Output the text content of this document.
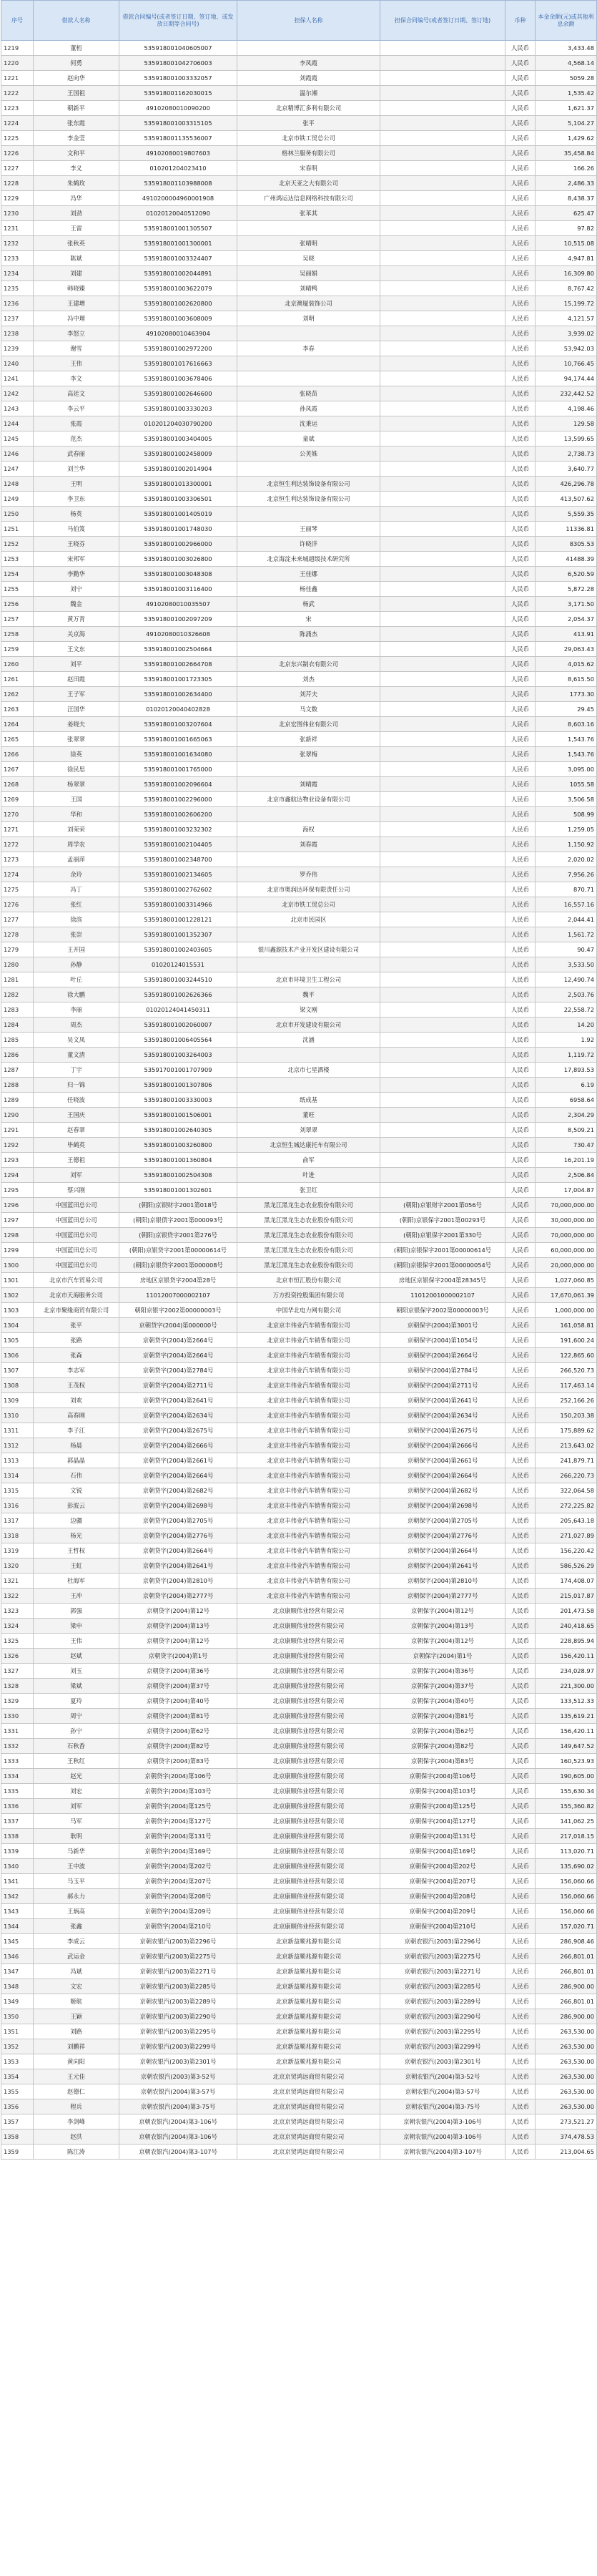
序号	借款人名称	借款合同编号(或者签订日期、签订地、或发放日期等合同号)	担保人名称	担保合同编号(或者签订日期、签订地)	币种	本金余额(元)或其他利息余额
1219	董桁	535918001040605007			人民币	3,433.48
1220	何勇	535918001042706003	李凤霞		人民币	4,568.14
1221	赵向华	535918001003332057	刘霞霞		人民币	5059.28
1222	王国祖	535918001162030015	温尔湘		人民币	1,535.42
1223	朝新平	49102080010090200	北京精博汇多利有限公司		人民币	1,621.37
1224	张东霞	535918001003315105	张平		人民币	5,104.27
1225	李金莹	535918001135536007	北京市铁工贸总公司		人民币	1,429.62
1226	文和平	49102080019807603	格林兰服务有限公司		人民币	35,458.84
1227	李义	010201204023410	宋春明		人民币	166.26
1228	朱鹤玫	535918001103988008	北京天亚之大有限公司		人民币	2,486.33
1229	冯华	4910200004960001908	广州鸿运达信息网络科技有限公司		人民币	8,438.37
1230	刘劲	01020120040512090	张苯其		人民币	625.47
1231	王雷	535918001001305507			人民币	97.82
1232	张秋英	535918001001300001	张晴明		人民币	10,515.08
1233	陈斌	535918001003324407	吴晓		人民币	4,947.81
1234	刘建	535918001002044891	吴丽娟		人民币	16,309.80
1235	韩晓臻	535918001003622079	刘晴鸭		人民币	8,767.42
1236	王建增	535918001002620800	北京澳厦装饰公司		人民币	15,199.72
1237	冯中理	535918001003608009	刘明		人民币	4,121.57
1238	李怒立	49102080010463904			人民币	3,939.02
1239	谢雪	535918001002972200	李春		人民币	53,942.03
1240	王伟	535918001017616663			人民币	10,766.45
1241	李文	535918001003678406			人民币	94,174.44
1242	高廷文	535918001002646600	张晓苗		人民币	232,442.52
1243	李云平	535918001003330203	孙凤霞		人民币	4,198.46
1244	张霞	010201204030790200	沈秉运		人民币	129.58
1245	范杰	535918001003404005	童斌		人民币	13,599.65
1246	武春丽	535918001002458009	公英姝		人民币	2,738.73
1247	刘兰华	535918001002014904			人民币	3,640.77
1248	王明	535918001013300001	北京恒生利达装饰设备有限公司		人民币	426,296.78
1249	李卫东	535918001003306501	北京恒生利达装饰设备有限公司		人民币	413,507.62
1250	杨英	535918001001405019			人民币	5,559.35
1251	马伯笈	535918001001748030	王丽琴		人民币	11336.81
1252	王晓芬	535918001002966000	许晓洋		人民币	8305.53
1253	宋邦军	535918001003026800	北京海淀未来城超级技术研究所		人民币	41488.39
1254	李勤华	535918001003048308	王佳娜		人民币	6,520.59
1255	刘宁	535918001003116400	杨佳鑫		人民币	5,872.28
1256	魏金	49102080010035507	杨武		人民币	3,171.50
1257	黄万青	535918001002097209	宋		人民币	2,054.37
1258	关京海	49102080010326608	陈涌杰		人民币	413.91
1259	王文东	535918001002504664			人民币	29,063.43
1260	刘平	535918001002664708	北京东兴制衣有限公司		人民币	4,015.62
1261	赵田霞	535918001001723305	刘杰		人民币	8,615.50
1262	王子军	535918001002634400	刘芹夫		人民币	1773.30
1263	汪国华	01020120040402828	马文数		人民币	29.45
1264	姜晓夫	535918001003207604	北京宏图伟业有限公司		人民币	8,603.16
1265	张翠翠	535918001001665063	张新祥		人民币	1,543.76
1266	徐英	535918001001634080	张翠梅		人民币	1,543.76
1267	徐民思	535918001001765000			人民币	3,095.00
1268	杨翠翠	535918001002096604	刘晴霞		人民币	1055.58
1269	王国	535918001002296000	北京市鑫航达物业设备有限公司		人民币	3,506.58
1270	华和	535918001002606200			人民币	508.99
1271	刘荣荣	535918001003232302	海权		人民币	1,259.05
1272	周学农	535918001002104405	刘春霞		人民币	1,150.92
1273	孟丽萍	535918001002348700			人民币	2,020.02
1274	余玲	535918001002134605	罗乔伟		人民币	7,956.26
1275	冯丁	535918001002762602	北京市奥润达环保有限责任公司		人民币	870.71
1276	张红	535918001003314966	北京市铁工贸总公司		人民币	16,557.16
1277	徐滨	535918001001228121	北京市民园区		人民币	2,044.41
1278	张崇	535918001001352307			人民币	1,561.72
1279	王开国	535918001002403605	银川鑫源技术产业开发区建设有限公司		人民币	90.47
1280	孙静	01020124015531			人民币	3,533.50
1281	叶丘	535918001003244510	北京市环境卫生工程公司		人民币	12,490.74
1282	徐大鹏	535918001002626366	魏平		人民币	2,503.76
1283	李丽	01020124041450311	梁文刚		人民币	22,558.72
1284	周杰	535918001002060007	北京市开发建设有限公司		人民币	14.20
1285	吴文凤	535918001006405564	沈涵		人民币	1.92
1286	董文清	535918001003264003			人民币	1,119.72
1287	丁宇	535917001001707909	北京市七星酒楼		人民币	17,893.53
1288	归一锦	535918001001307806			人民币	6.19
1289	任晓波	535918001003330003	纸成基		人民币	6958.64
1290	王国庆	535918001001506001	董旺		人民币	2,304.29
1291	赵春翠	535918001002640305	刘翠翠		人民币	8,509.21
1292	毕鹤英	535918001003260800	北京恒生城达康托车有限公司		人民币	730.47
1293	王德祖	535918001001360804	俞军		人民币	16,201.19
1294	刘军	535918001002504308	叶进		人民币	2,506.84
1295	蔡兴刚	535918001001302601	张卫红		人民币	17,004.87
1296	中国蓝田总公司	(朝阳)京银财字2001第018号	黑龙江黑龙生态农业股份有限公司	(朝阳)京银财字2001第056号	人民币	70,000,000.00
1297	中国蓝田总公司	(朝阳)京银债字2001第000093号	黑龙江黑龙生态农业股份有限公司	(朝阳)京银保字2001第00293号	人民币	30,000,000.00
1298	中国蓝田总公司	(朝阳)京银贷字2001第276号	黑龙江黑龙生态农业股份有限公司	(朝阳)京银保字2001第330号	人民币	70,000,000.00
1299	中国蓝田总公司	(朝阳)京银贷字2001第00000614号	黑龙江黑龙生态农业股份有限公司	(朝阳)京银保字2001第00000614号	人民币	60,000,000.00
1300	中国蓝田总公司	(朝阳)京银贷字2001第000008号	黑龙江黑龙生态农业股份有限公司	(朝阳)京银保字2001第00000054号	人民币	20,000,000.00
1301	北京市汽车贸易公司	房地区京银贷字2004第28号	北京市恒汇股份有限公司	房地区京银保字2004第28345号	人民币	1,027,060.85
1302	北京市天海服务公司	11012007000002107	万方投资控股集团有限公司	11012001000002107	人民币	17,670,061.39
1303	北京市聚缘商贸有限公司	朝阳京银字2002第00000003号	中国华北电力网有限公司	朝阳京银保字2002第00000003号	人民币	1,000,000.00
1304	张平	京朝贷字(2004)第000000号	北京京丰伟业汽车销售有限公司	京朝保字(2004)第3001号	人民币	161,058.81
1305	张路	京朝贷字(2004)第2664号	北京京丰伟业汽车销售有限公司	京朝保字(2004)第1054号	人民币	191,600.24
1306	张森	京朝贷字(2004)第2664号	北京京丰伟业汽车销售有限公司	京朝保字(2004)第2664号	人民币	122,865.60
1307	李志军	京朝贷字(2004)第2784号	北京京丰伟业汽车销售有限公司	京朝保字(2004)第2784号	人民币	266,520.73
1308	王茂权	京朝贷字(2004)第2711号	北京京丰伟业汽车销售有限公司	京朝保字(2004)第2711号	人民币	117,463.14
1309	刘欢	京朝贷字(2004)第2641号	北京京丰伟业汽车销售有限公司	京朝保字(2004)第2641号	人民币	252,166.26
1310	高春刚	京朝贷字(2004)第2634号	北京京丰伟业汽车销售有限公司	京朝保字(2004)第2634号	人民币	150,203.38
1311	李子江	京朝贷字(2004)第2675号	北京京丰伟业汽车销售有限公司	京朝保字(2004)第2675号	人民币	175,889.62
1312	杨晨	京朝贷字(2004)第2666号	北京京丰伟业汽车销售有限公司	京朝保字(2004)第2666号	人民币	213,643.02
1313	郭晶晶	京朝贷字(2004)第2661号	北京京丰伟业汽车销售有限公司	京朝保字(2004)第2661号	人民币	241,879.71
1314	石伟	京朝贷字(2004)第2664号	北京京丰伟业汽车销售有限公司	京朝保字(2004)第2664号	人民币	266,220.73
1315	文锐	京朝贷字(2004)第2682号	北京京丰伟业汽车销售有限公司	京朝保字(2004)第2682号	人民币	322,064.58
1316	彭波云	京朝贷字(2004)第2698号	北京京丰伟业汽车销售有限公司	京朝保字(2004)第2698号	人民币	272,225.82
1317	边疆	京朝贷字(2004)第2705号	北京京丰伟业汽车销售有限公司	京朝保字(2004)第2705号	人民币	205,643.18
1318	杨光	京朝贷字(2004)第2776号	北京京丰伟业汽车销售有限公司	京朝保字(2004)第2776号	人民币	271,027.89
1319	王哲权	京朝贷字(2004)第2664号	北京京丰伟业汽车销售有限公司	京朝保字(2004)第2664号	人民币	156,220.42
1320	王虹	京朝贷字(2004)第2641号	北京京丰伟业汽车销售有限公司	京朝保字(2004)第2641号	人民币	586,526.29
1321	杜海军	京朝贷字(2004)第2810号	北京京丰伟业汽车销售有限公司	京朝保字(2004)第2810号	人民币	174,408.07
1322	王冲	京朝贷字(2004)第2777号	北京京丰伟业汽车销售有限公司	京朝保字(2004)第2777号	人民币	215,017.87
1323	郭强	京朝贷字(2004)第12号	北京康顺伟业经营有限公司	京朝保字(2004)第12号	人民币	201,473.58
1324	梁申	京朝贷字(2004)第13号	北京康顺伟业经营有限公司	京朝保字(2004)第13号	人民币	240,418.65
1325	王伟	京朝贷字(2004)第12号	北京康顺伟业经营有限公司	京朝保字(2004)第12号	人民币	228,895.94
1326	赵斌	京朝贷字(2004)第1号	北京康顺伟业经营有限公司	京朝保字(2004)第1号	人民币	156,420.11
1327	刘玉	京朝贷字(2004)第36号	北京康顺伟业经营有限公司	京朝保字(2004)第36号	人民币	234,028.97
1328	梁斌	京朝贷字(2004)第37号	北京康顺伟业经营有限公司	京朝保字(2004)第37号	人民币	221,300.00
1329	夏玲	京朝贷字(2004)第40号	北京康顺伟业经营有限公司	京朝保字(2004)第40号	人民币	133,512.33
1330	周宁	京朝贷字(2004)第81号	北京康顺伟业经营有限公司	京朝保字(2004)第81号	人民币	135,619.21
1331	孙宁	京朝贷字(2004)第62号	北京康顺伟业经营有限公司	京朝保字(2004)第62号	人民币	156,420.11
1332	石秋香	京朝贷字(2004)第82号	北京康顺伟业经营有限公司	京朝保字(2004)第82号	人民币	149,647.52
1333	王秋红	京朝贷字(2004)第83号	北京康顺伟业经营有限公司	京朝保字(2004)第83号	人民币	160,523.93
1334	赵光	京朝贷字(2004)第106号	北京康顺伟业经营有限公司	京朝保字(2004)第106号	人民币	190,605.00
1335	刘宏	京朝贷字(2004)第103号	北京康顺伟业经营有限公司	京朝保字(2004)第103号	人民币	155,630.34
1336	刘军	京朝贷字(2004)第125号	北京康顺伟业经营有限公司	京朝保字(2004)第125号	人民币	155,360.82
1337	马军	京朝贷字(2004)第127号	北京康顺伟业经营有限公司	京朝保字(2004)第127号	人民币	141,062.25
1338	耿明	京朝贷字(2004)第131号	北京康顺伟业经营有限公司	京朝保字(2004)第131号	人民币	217,018.15
1339	马新华	京朝贷字(2004)第169号	北京康顺伟业经营有限公司	京朝保字(2004)第169号	人民币	113,020.71
1340	王中波	京朝贷字(2004)第202号	北京康顺伟业经营有限公司	京朝保字(2004)第202号	人民币	135,690.02
1341	马玉平	京朝贷字(2004)第207号	北京康顺伟业经营有限公司	京朝保字(2004)第207号	人民币	156,060.66
1342	郝永力	京朝贷字(2004)第208号	北京康顺伟业经营有限公司	京朝保字(2004)第208号	人民币	156,060.66
1343	王炳高	京朝贷字(2004)第209号	北京康顺伟业经营有限公司	京朝保字(2004)第209号	人民币	156,060.66
1344	张鑫	京朝贷字(2004)第210号	北京康顺伟业经营有限公司	京朝保字(2004)第210号	人民币	157,020.71
1345	李成云	京朝农银汽(2003)第2296号	北京新益顺兆源有限公司	京朝农银汽(2003)第2296号	人民币	286,908.46
1346	武运金	京朝农银汽(2003)第2275号	北京新益顺兆源有限公司	京朝农银汽(2003)第2275号	人民币	266,801.01
1347	冯斌	京朝农银汽(2003)第2271号	北京新益顺兆源有限公司	京朝农银汽(2003)第2271号	人民币	266,801.01
1348	文宏	京朝农银汽(2003)第2285号	北京新益顺兆源有限公司	京朝农银汽(2003)第2285号	人民币	286,900.00
1349	姬航	京朝农银汽(2003)第2289号	北京新益顺兆源有限公司	京朝农银汽(2003)第2289号	人民币	266,801.01
1350	王颖	京朝农银汽(2003)第2290号	北京新益顺兆源有限公司	京朝农银汽(2003)第2290号	人民币	286,900.00
1351	刘路	京朝农银汽(2003)第2295号	北京新益顺兆源有限公司	京朝农银汽(2003)第2295号	人民币	263,530.00
1352	刘鹏祥	京朝农银汽(2003)第2299号	北京新益顺兆源有限公司	京朝农银汽(2003)第2299号	人民币	263,530.00
1353	黄向阳	京朝农银汽(2003)第2301号	北京新益顺兆源有限公司	京朝农银汽(2003)第2301号	人民币	263,530.00
1354	王元佳	京朝农银汽(2003)第3-52号	北京京贸鸿远商贸有限公司	京朝农银汽(2004)第3-52号	人民币	263,530.00
1355	赵德仁	京朝农银汽(2004)第3-57号	北京京贸鸿远商贸有限公司	京朝农银汽(2004)第3-57号	人民币	263,530.00
1356	程兵	京朝农银汽(2004)第3-75号	北京京贸鸿远商贸有限公司	京朝农银汽(2004)第3-75号	人民币	263,530.00
1357	李剑峰	京朝农银汽(2004)第3-106号	北京京贸鸿远商贸有限公司	京朝农银汽(2004)第3-106号	人民币	273,521.27
1358	赵洪	京朝农银汽(2004)第3-106号	北京京贸鸿远商贸有限公司	京朝农银汽(2004)第3-106号	人民币	374,478.53
1359	陈江涛	京朝农银汽(2004)第3-107号	北京京贸鸿远商贸有限公司	京朝农银汽(2004)第3-107号	人民币	213,004.65
